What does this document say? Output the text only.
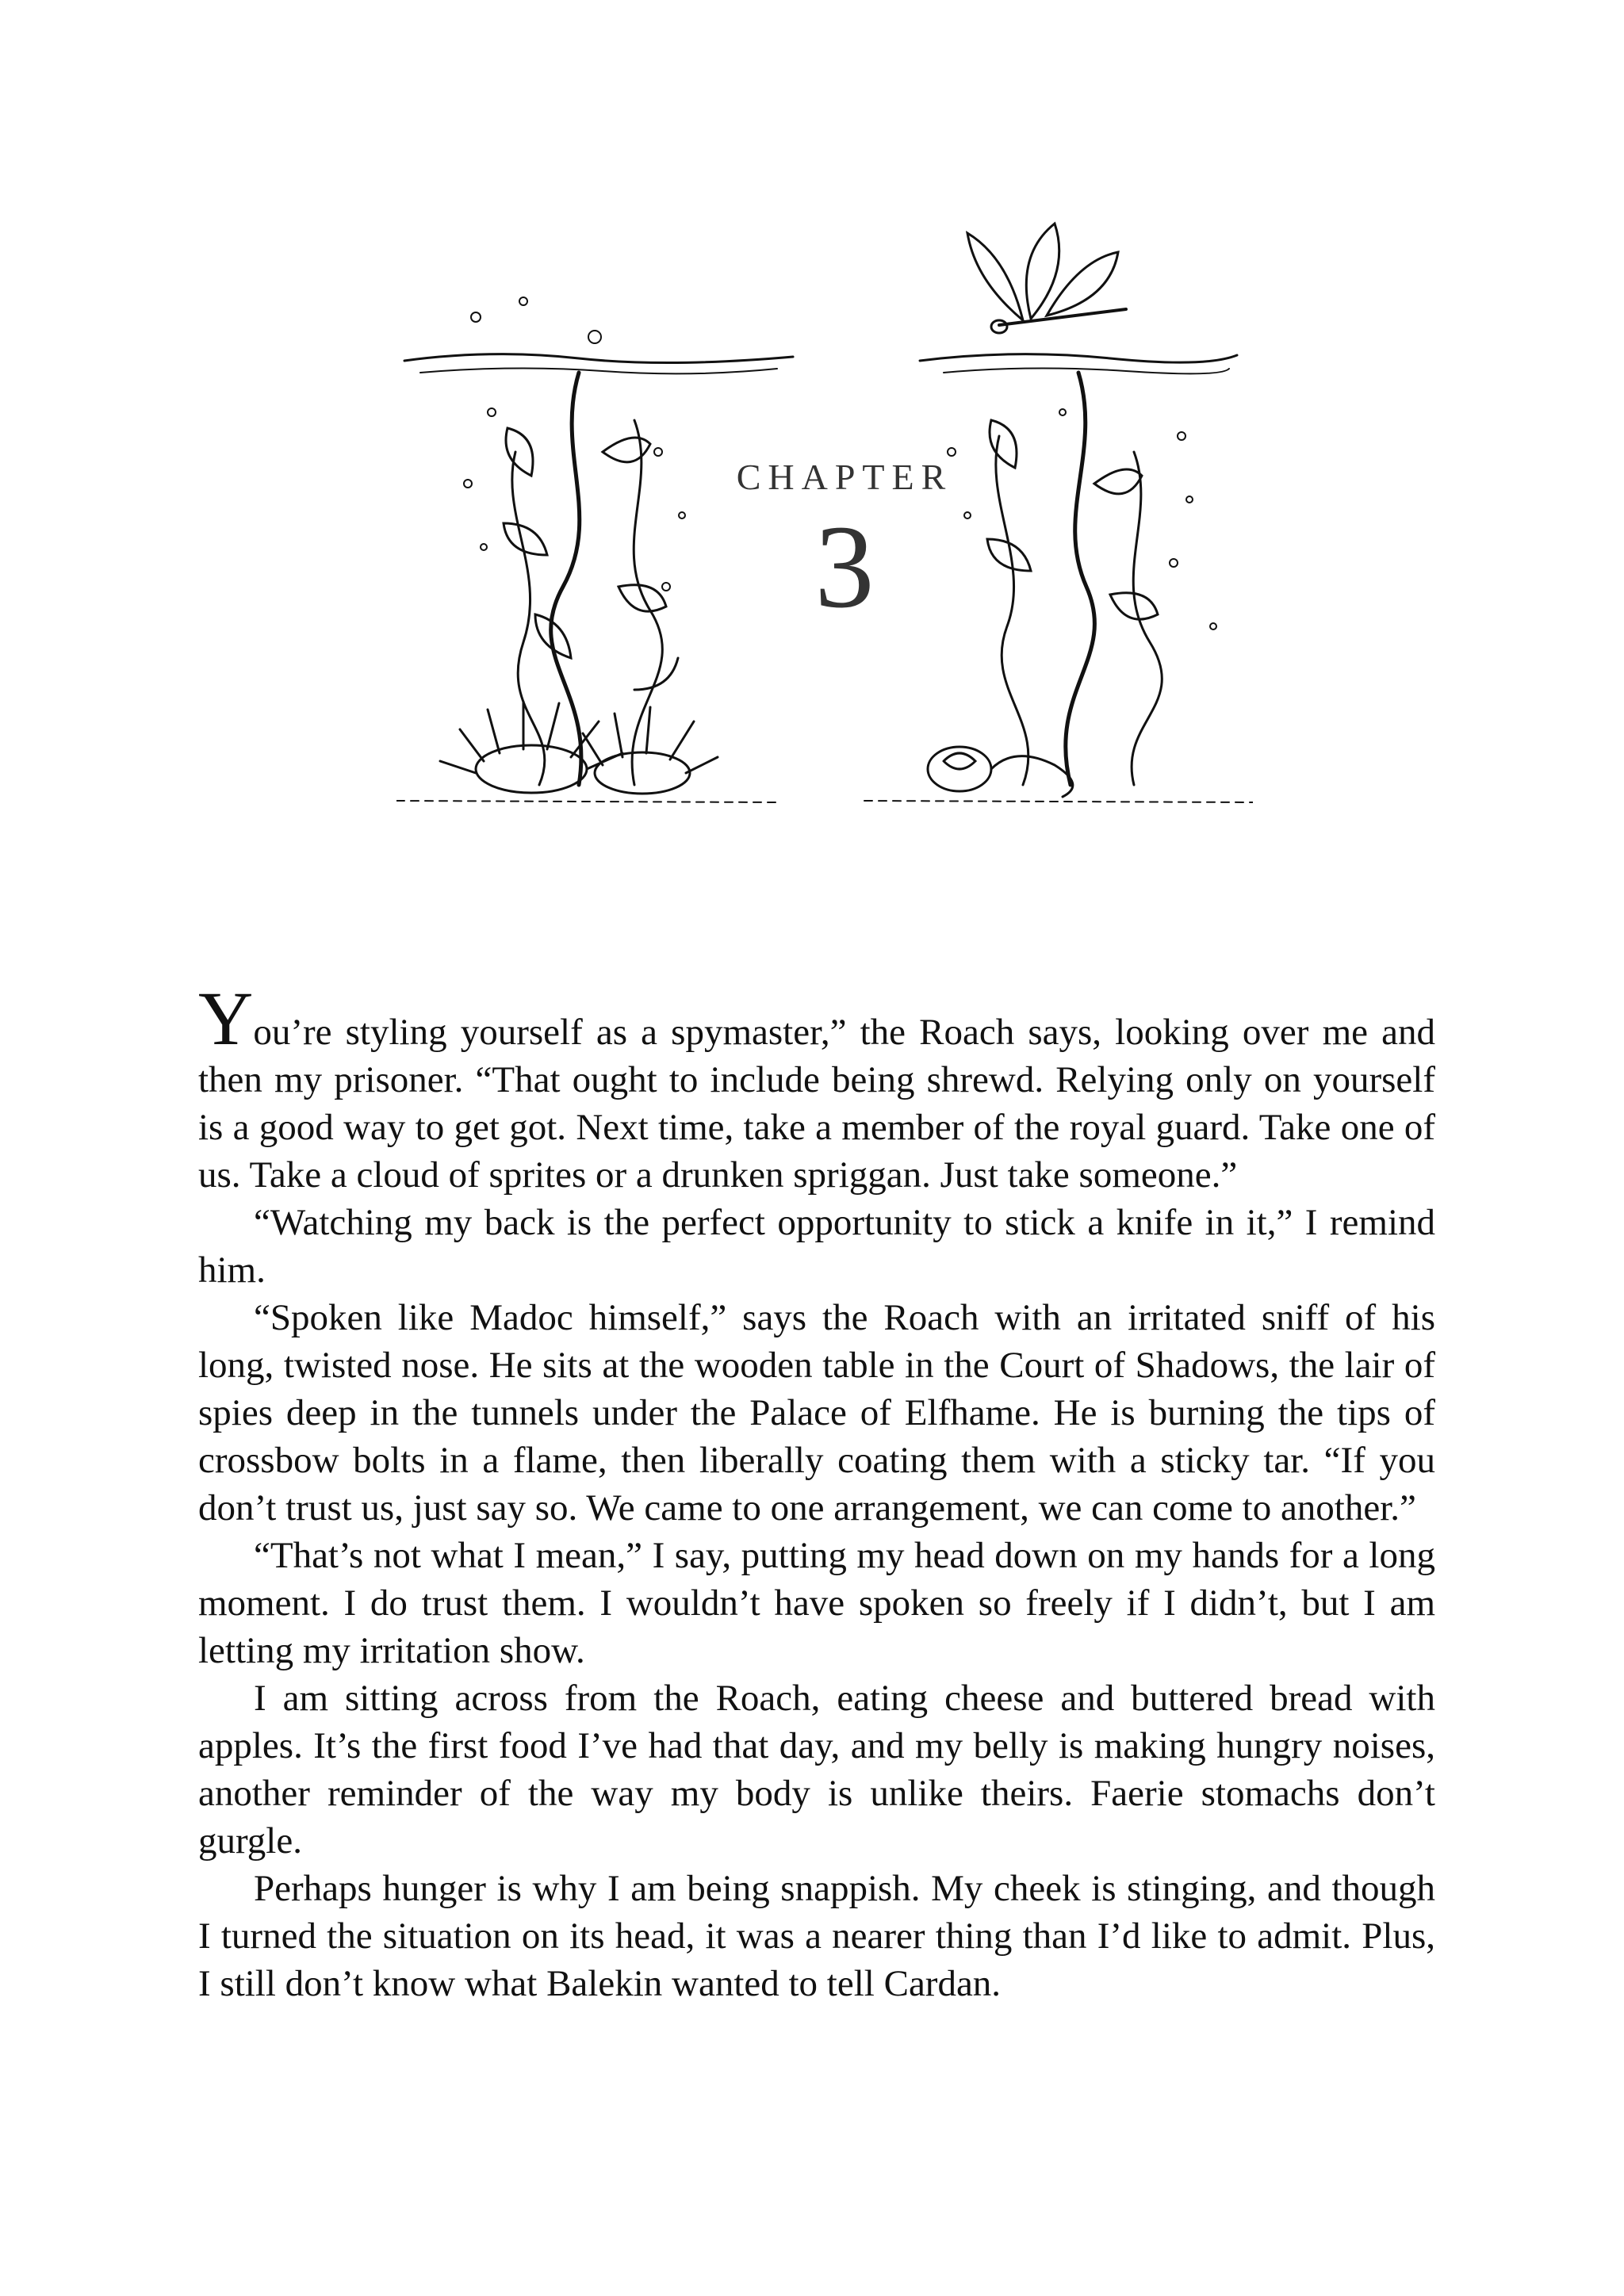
CHAPTER
3

You’re styling yourself as a spymaster,” the Roach says, looking over me and then my prisoner. “That ought to include being shrewd. Relying only on yourself is a good way to get got. Next time, take a member of the royal guard. Take one of us. Take a cloud of sprites or a drunken spriggan. Just take someone.”

“Watching my back is the perfect opportunity to stick a knife in it,” I remind him.

“Spoken like Madoc himself,” says the Roach with an irritated sniff of his long, twisted nose. He sits at the wooden table in the Court of Shadows, the lair of spies deep in the tunnels under the Palace of Elfhame. He is burning the tips of crossbow bolts in a flame, then liberally coating them with a sticky tar. “If you don’t trust us, just say so. We came to one arrangement, we can come to another.”

“That’s not what I mean,” I say, putting my head down on my hands for a long moment. I do trust them. I wouldn’t have spoken so freely if I didn’t, but I am letting my irritation show.

I am sitting across from the Roach, eating cheese and buttered bread with apples. It’s the first food I’ve had that day, and my belly is making hungry noises, another reminder of the way my body is unlike theirs. Faerie stomachs don’t gurgle.

Perhaps hunger is why I am being snappish. My cheek is stinging, and though I turned the situation on its head, it was a nearer thing than I’d like to admit. Plus, I still don’t know what Balekin wanted to tell Cardan.
